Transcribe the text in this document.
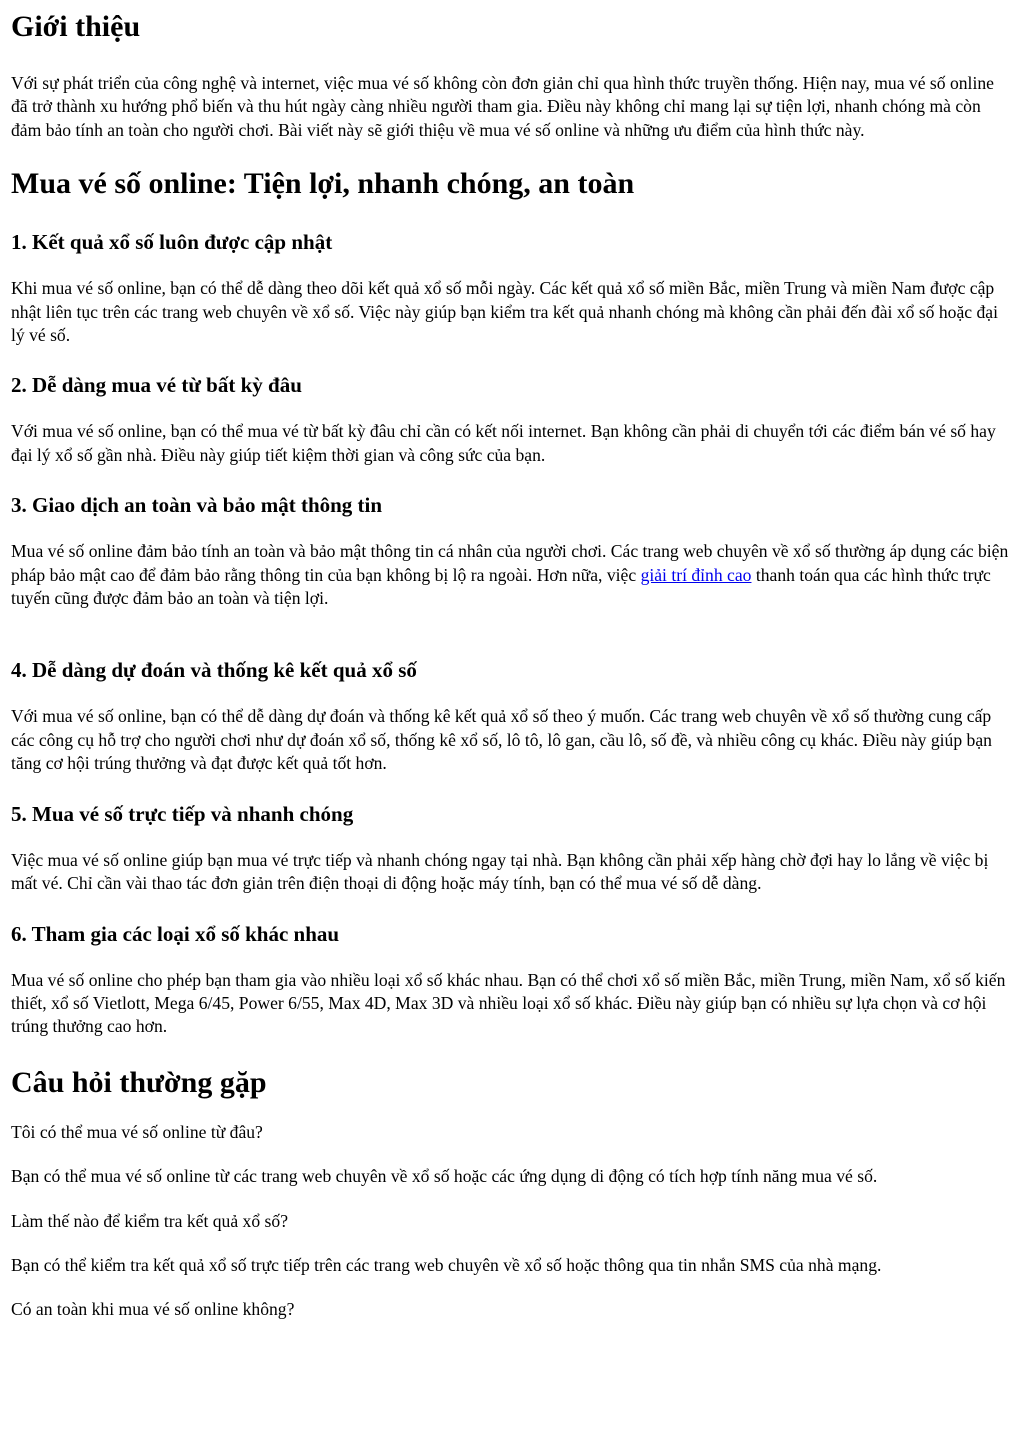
Giới thiệu

Với sự phát triển của công nghệ và internet, việc mua vé số không còn đơn giản chỉ qua hình thức truyền thống. Hiện nay, mua vé số online đã trở thành xu hướng phổ biến và thu hút ngày càng nhiều người tham gia. Điều này không chỉ mang lại sự tiện lợi, nhanh chóng mà còn đảm bảo tính an toàn cho người chơi. Bài viết này sẽ giới thiệu về mua vé số online và những ưu điểm của hình thức này.

Mua vé số online: Tiện lợi, nhanh chóng, an toàn
1. Kết quả xổ số luôn được cập nhật

Khi mua vé số online, bạn có thể dễ dàng theo dõi kết quả xổ số mỗi ngày. Các kết quả xổ số miền Bắc, miền Trung và miền Nam được cập nhật liên tục trên các trang web chuyên về xổ số. Việc này giúp bạn kiểm tra kết quả nhanh chóng mà không cần phải đến đài xổ số hoặc đại lý vé số.

2. Dễ dàng mua vé từ bất kỳ đâu

Với mua vé số online, bạn có thể mua vé từ bất kỳ đâu chỉ cần có kết nối internet. Bạn không cần phải di chuyển tới các điểm bán vé số hay đại lý xổ số gần nhà. Điều này giúp tiết kiệm thời gian và công sức của bạn.

3. Giao dịch an toàn và bảo mật thông tin

Mua vé số online đảm bảo tính an toàn và bảo mật thông tin cá nhân của người chơi. Các trang web chuyên về xổ số thường áp dụng các biện pháp bảo mật cao để đảm bảo rằng thông tin của bạn không bị lộ ra ngoài. Hơn nữa, việc giải trí đỉnh cao thanh toán qua các hình thức trực tuyến cũng được đảm bảo an toàn và tiện lợi.

4. Dễ dàng dự đoán và thống kê kết quả xổ số

Với mua vé số online, bạn có thể dễ dàng dự đoán và thống kê kết quả xổ số theo ý muốn. Các trang web chuyên về xổ số thường cung cấp các công cụ hỗ trợ cho người chơi như dự đoán xổ số, thống kê xổ số, lô tô, lô gan, cầu lô, số đề, và nhiều công cụ khác. Điều này giúp bạn tăng cơ hội trúng thưởng và đạt được kết quả tốt hơn.

5. Mua vé số trực tiếp và nhanh chóng

Việc mua vé số online giúp bạn mua vé trực tiếp và nhanh chóng ngay tại nhà. Bạn không cần phải xếp hàng chờ đợi hay lo lắng về việc bị mất vé. Chỉ cần vài thao tác đơn giản trên điện thoại di động hoặc máy tính, bạn có thể mua vé số dễ dàng.

6. Tham gia các loại xổ số khác nhau

Mua vé số online cho phép bạn tham gia vào nhiều loại xổ số khác nhau. Bạn có thể chơi xổ số miền Bắc, miền Trung, miền Nam, xổ số kiến thiết, xổ số Vietlott, Mega 6/45, Power 6/55, Max 4D, Max 3D và nhiều loại xổ số khác. Điều này giúp bạn có nhiều sự lựa chọn và cơ hội trúng thưởng cao hơn.

Câu hỏi thường gặp

Tôi có thể mua vé số online từ đâu?

Bạn có thể mua vé số online từ các trang web chuyên về xổ số hoặc các ứng dụng di động có tích hợp tính năng mua vé số.

Làm thế nào để kiểm tra kết quả xổ số?

Bạn có thể kiểm tra kết quả xổ số trực tiếp trên các trang web chuyên về xổ số hoặc thông qua tin nhắn SMS của nhà mạng.

Có an toàn khi mua vé số online không?
